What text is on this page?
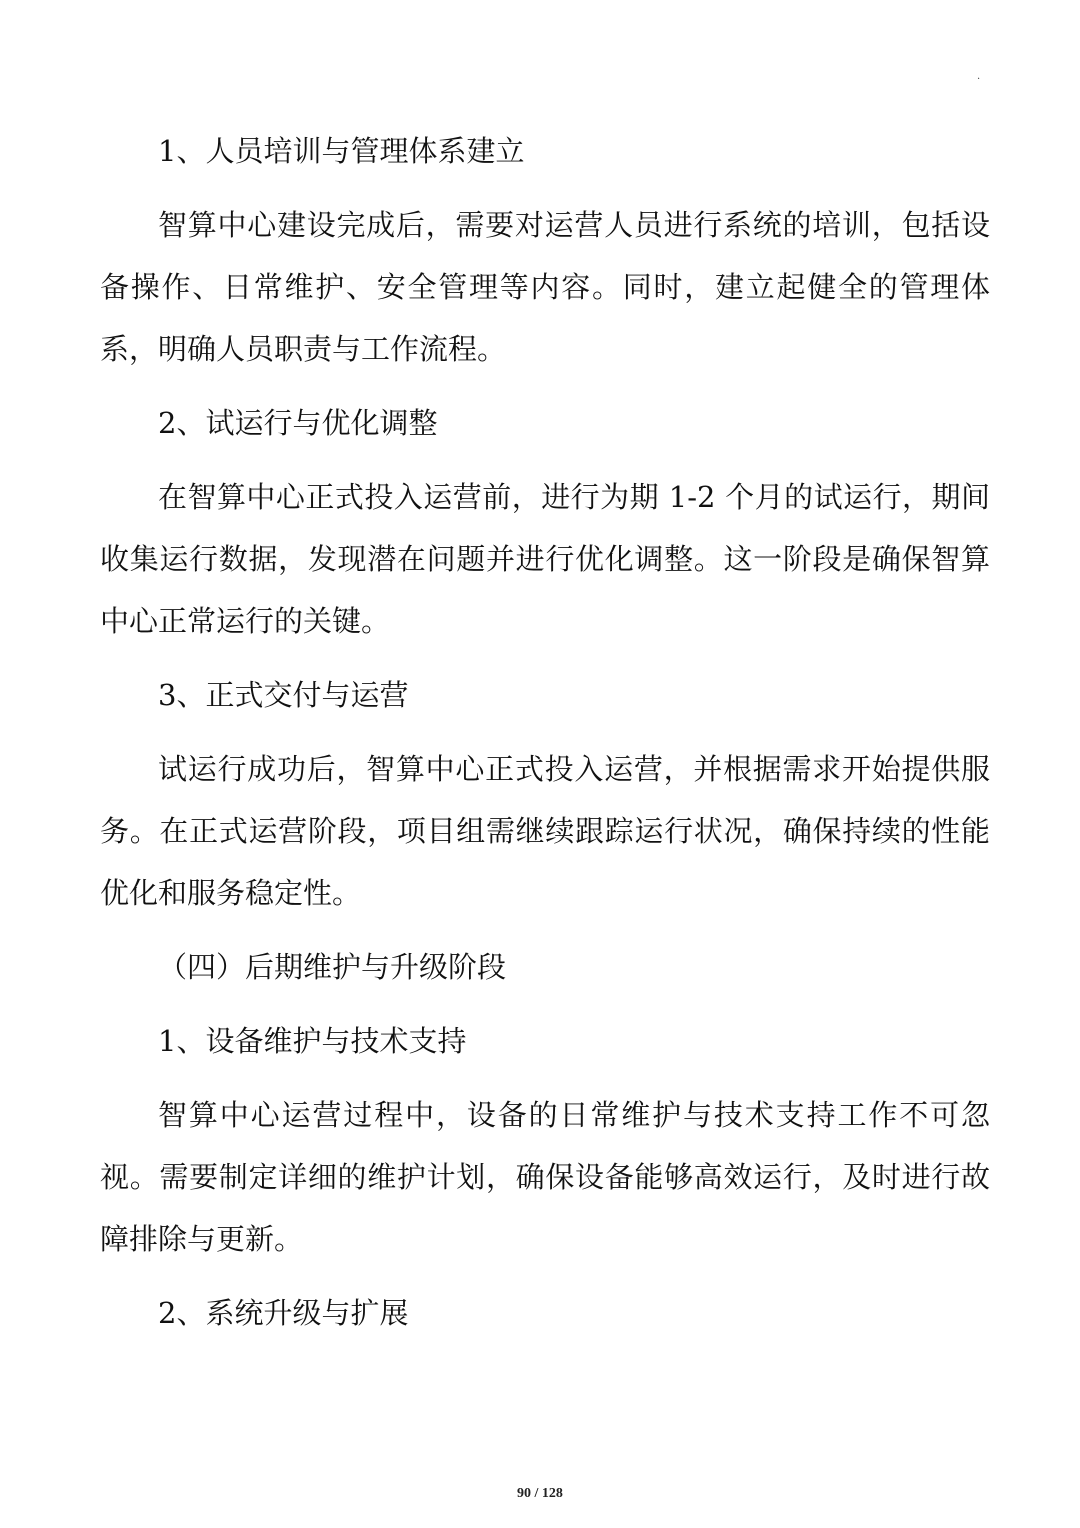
.

1、人员培训与管理体系建立

智算中心建设完成后，需要对运营人员进行系统的培训，包括设备操作、日常维护、安全管理等内容。同时，建立起健全的管理体系，明确人员职责与工作流程。

2、试运行与优化调整

在智算中心正式投入运营前，进行为期 1-2 个月的试运行，期间收集运行数据，发现潜在问题并进行优化调整。这一阶段是确保智算中心正常运行的关键。

3、正式交付与运营

试运行成功后，智算中心正式投入运营，并根据需求开始提供服务。在正式运营阶段，项目组需继续跟踪运行状况，确保持续的性能优化和服务稳定性。

（四）后期维护与升级阶段

1、设备维护与技术支持

智算中心运营过程中，设备的日常维护与技术支持工作不可忽视。需要制定详细的维护计划，确保设备能够高效运行，及时进行故障排除与更新。

2、系统升级与扩展

90 / 128
